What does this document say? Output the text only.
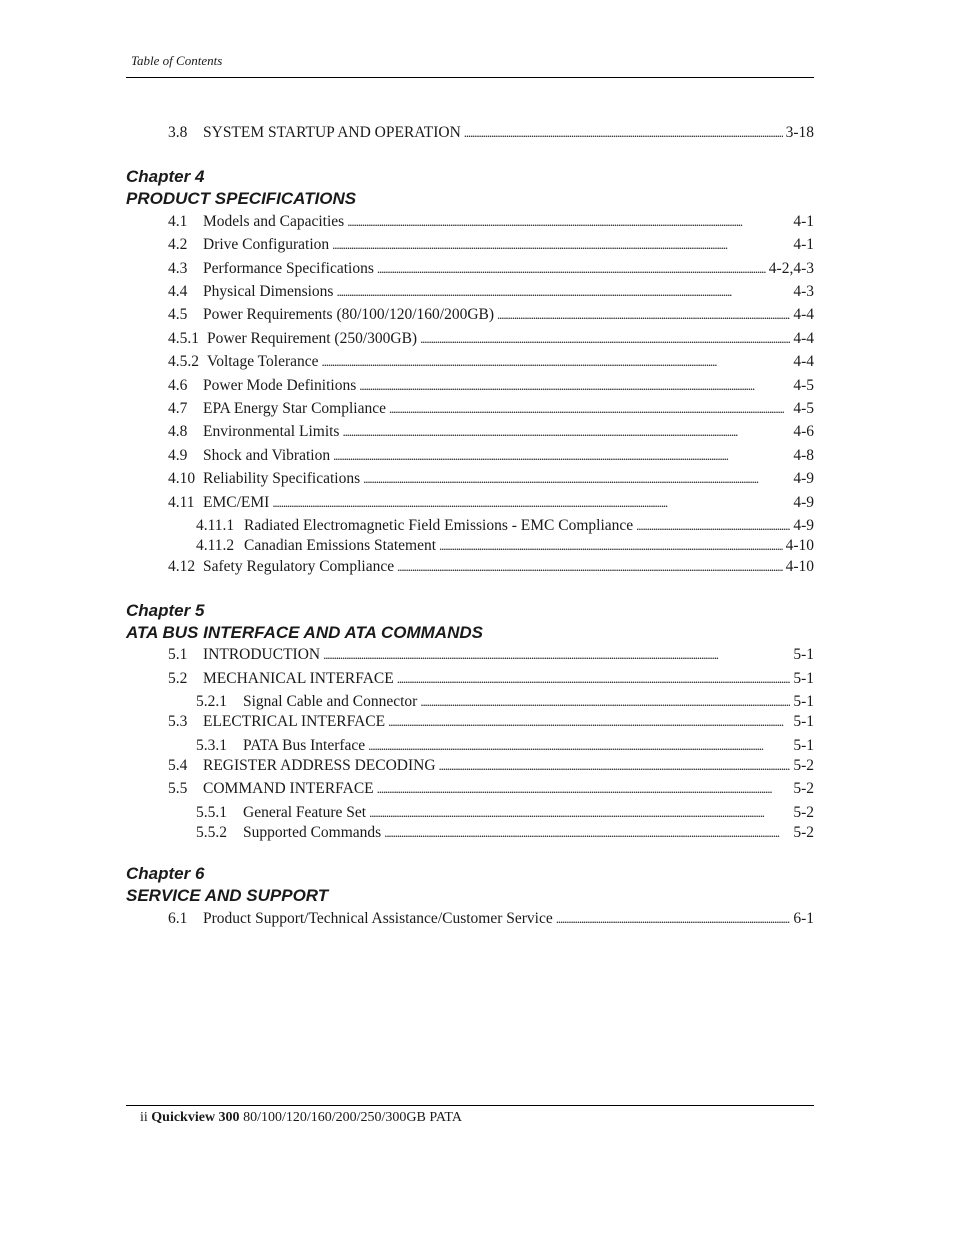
Table of Contents
Chapter 4
PRODUCT SPECIFICATIONS
Chapter 5
ATA BUS INTERFACE AND ATA COMMANDS
Chapter 6
SERVICE AND SUPPORT
3.8	SYSTEM STARTUP AND OPERATION . . .	3-18
4.1	Models and Capacities . . .	4-1
4.2	Drive Configuration . . .	4-1
4.3	Performance Specifications . . .	4-2,4-3
4.4	Physical Dimensions . . .	4-3
4.5	Power Requirements (80/100/120/160/200GB) . . .	4-4
4.5.1 Power Requirement (250/300GB) . . .	4-4
4.5.2 Voltage Tolerance . . .	4-4
4.6	Power Mode Definitions . . .	4-5
4.7	EPA Energy Star Compliance . . .	4-5
4.8	Environmental Limits . . .	4-6
4.9	Shock and Vibration . . .	4-8
4.10 Reliability Specifications . . .	4-9
4.11 EMC/EMI . . .	4-9
4.11.1 Radiated Electromagnetic Field Emissions - EMC Compliance . . .	4-9
4.11.2 Canadian Emissions Statement . . .	4-10
4.12 Safety Regulatory Compliance . . .	4-10
5.1	INTRODUCTION . . .	5-1
5.2	MECHANICAL INTERFACE . . .	5-1
5.2.1	Signal Cable and Connector . . .	5-1
5.3	ELECTRICAL INTERFACE . . .	5-1
5.3.1	PATA Bus Interface . . .	5-1
5.4	REGISTER ADDRESS DECODING . . .	5-2
5.5	COMMAND INTERFACE . . .	5-2
5.5.1	General Feature Set . . .	5-2
5.5.2	Supported Commands . . .	5-2
6.1	Product Support/Technical Assistance/Customer Service . . .	6-1
ii Quickview 300 80/100/120/160/200/250/300GB PATA
